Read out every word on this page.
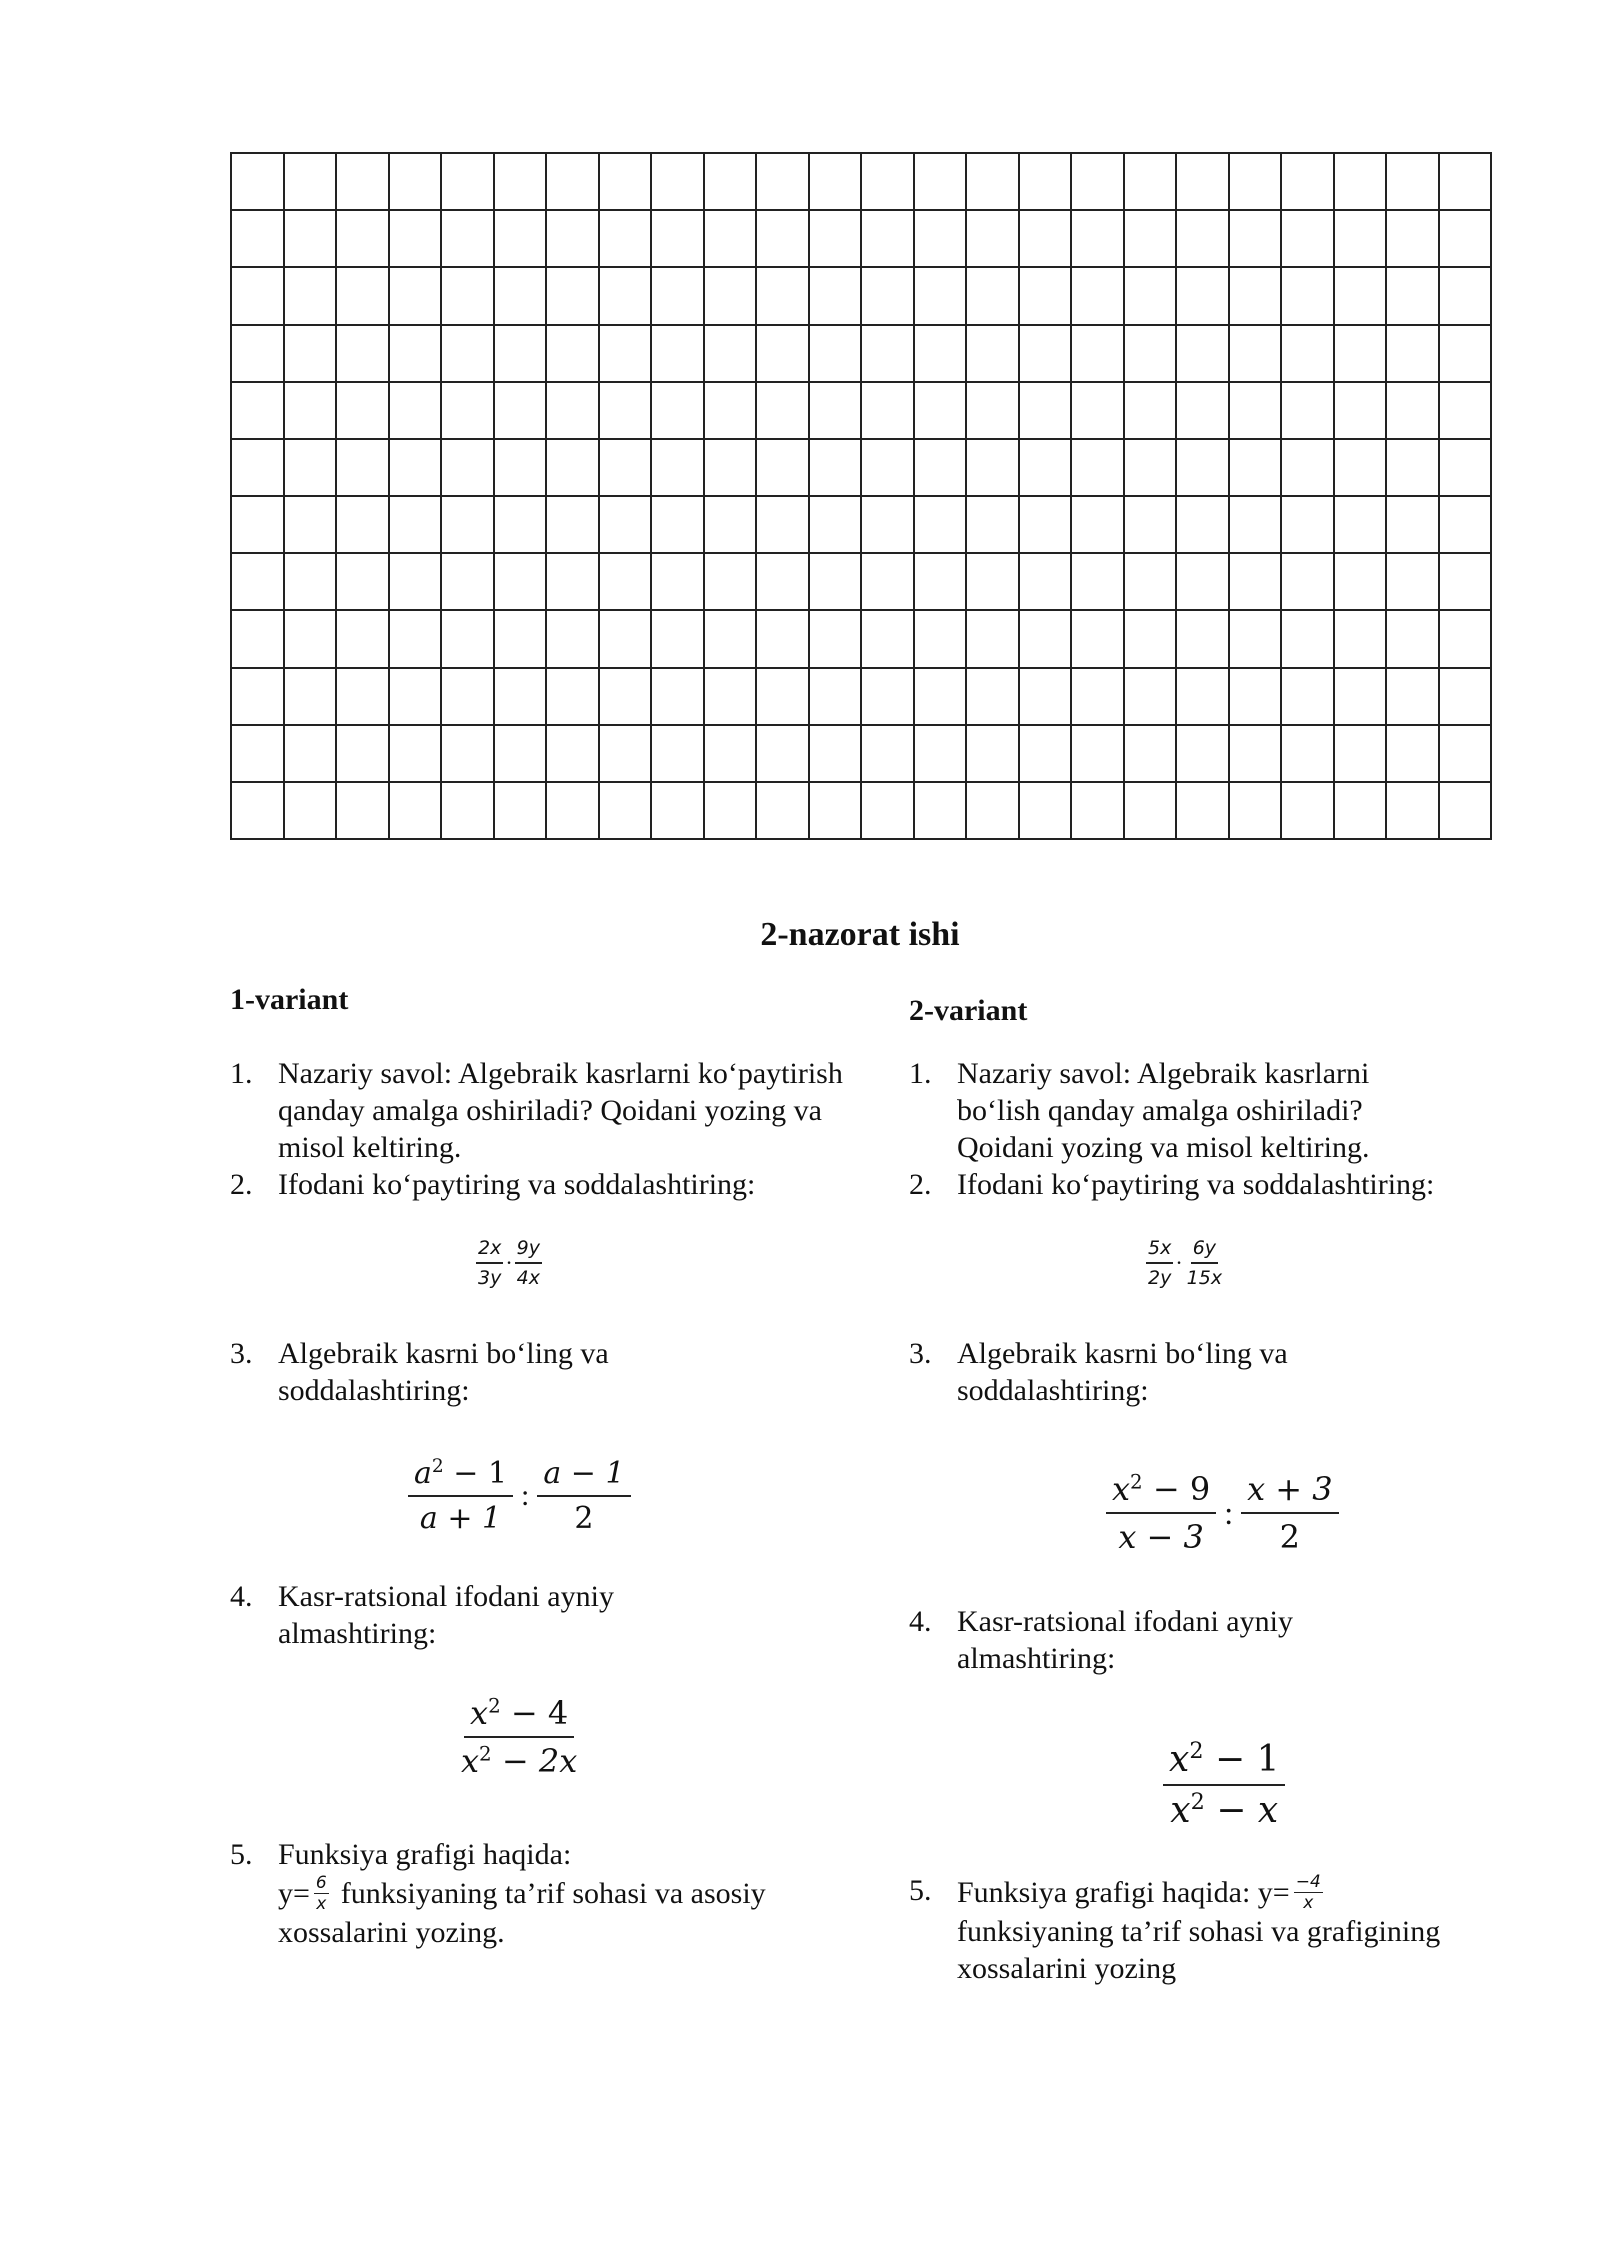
2-nazorat ishi
1-variant
1. Nazariy savol: Algebraik kasrlarni ko‘paytirish qanday amalga oshiriladi? Qoidani yozing va misol keltiring.
2. Ifodani ko‘paytiring va soddalashtiring:
$\frac{2x}{3y} \cdot \frac{9y}{4x}$
3. Algebraik kasrni bo‘ling va soddalashtiring:
$\frac{a^2 - 1}{a + 1}$ : $\frac{a - 1}{2}$
4. Kasr-ratsional ifodani ayniy almashtiring:
$\frac{x^2 - 4}{x^2 - 2x}$
5. Funksiya grafigi haqida:

$y= \frac{6}{x}$ funksiyaning ta’rif sohasi va asosiy

xossalarini yozing.
2-variant
1. Nazariy savol: Algebraik kasrlarni bo‘lish qanday amalga oshiriladi? Qoidani yozing va misol keltiring.
2. Ifodani ko‘paytiring va soddalashtiring:
$\frac{5x}{2y} \cdot \frac{6y}{15x}$
3. Algebraik kasrni bo‘ling va soddalashtiring:
$\frac{x^2 - 9}{x - 3}$ : $\frac{x + 3}{2}$
4. Kasr-ratsional ifodani ayniy almashtiring:
$\frac{x^2 - 1}{x^2 - x}$
5. Funksiya grafigi haqida: $y= \frac{-4}{x}$

funksiyaning ta’rif sohasi va grafigining
xossalarini yozing
